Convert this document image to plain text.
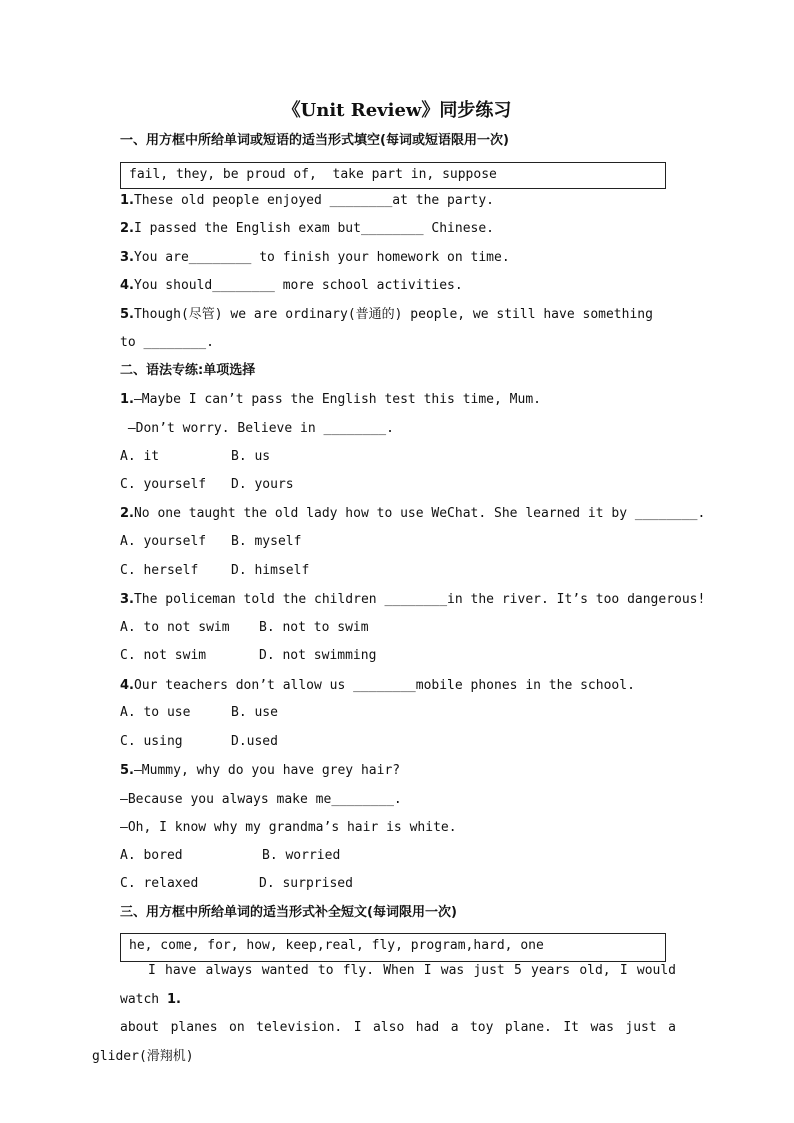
《Unit Review》同步练习
一、用方框中所给单词或短语的适当形式填空(每词或短语限用一次)
fail, they, be proud of,  take part in, suppose
1.These old people enjoyed ________at the party.
2.I passed the English exam but________ Chinese.
3.You are________ to finish your homework on time.
4.You should________ more school activities.
5.Though(尽管) we are ordinary(普通的) people, we still have something
to ________.
二、语法专练:单项选择
1.—Maybe I can’t pass the English test this time, Mum.
—Don’t worry. Believe in ________.
A. it	B. us
C. yourself D. yours
2.No one taught the old lady how to use WeChat. She learned it by ________.
A. yourself B. myself
C. herself	D. himself
3.The policeman told the children ________in the river. It’s too dangerous!
A. to not swim B. not to swim
C. not swim	D. not swimming
4.Our teachers don’t allow us ________mobile phones in the school.
A. to use	B. use
C. using	D.used
5.—Mummy, why do you have grey hair?
—Because you always make me________.
—Oh, I know why my grandma’s hair is white.
A. bored	B. worried
C. relaxed	D. surprised
三、用方框中所给单词的适当形式补全短文(每词限用一次)
he, come, for, how, keep,real, fly, program,hard, one
I have always wanted to fly. When I was just 5 years old, I would watch 1.
about planes on television. I also had a toy plane. It was just a glider(滑翔机)
